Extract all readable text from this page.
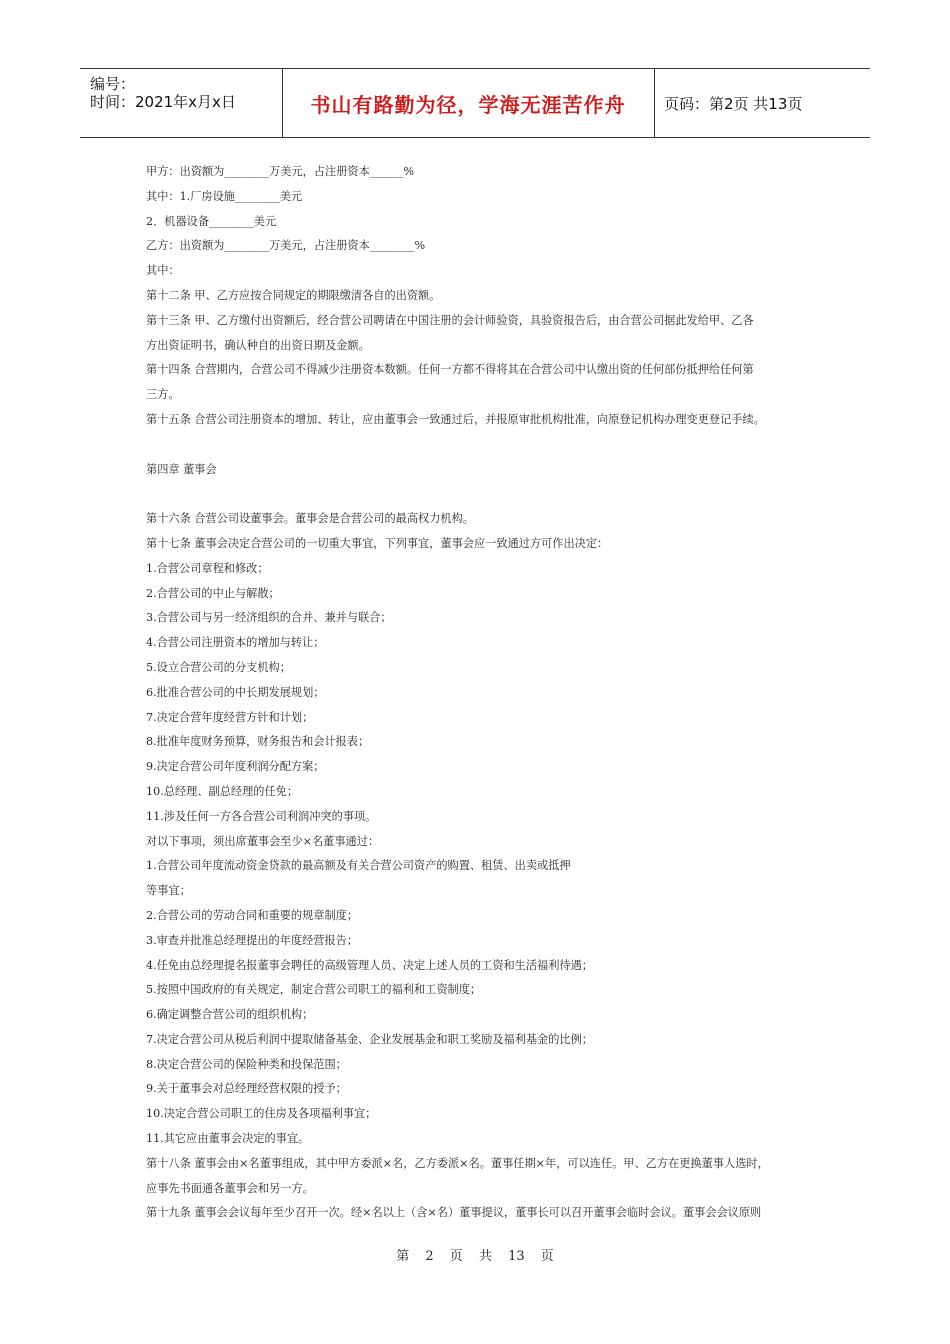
编号：
时间：2021年x月x日	书山有路勤为径，学海无涯苦作舟	页码：第2页 共13页
甲方：出资额为________万美元，占注册资本______%
其中：1.厂房设施________美元
2．机器设备________美元
乙方：出资额为________万美元，占注册资本________%
其中：
第十二条 甲、乙方应按合同规定的期限缴清各自的出资额。
第十三条 甲、乙方缴付出资额后，经合营公司聘请在中国注册的会计师验资，具验资报告后，由合营公司据此发给甲、乙各
方出资证明书，确认种自的出资日期及金额。
第十四条 合营期内，合营公司不得减少注册资本数额。任何一方都不得将其在合营公司中认缴出资的任何部份抵押给任何第
三方。
第十五条 合营公司注册资本的增加、转让，应由董事会一致通过后，并报原审批机构批准，向原登记机构办理变更登记手续。
第四章 董事会
第十六条 合营公司设董事会。董事会是合营公司的最高权力机构。
第十七条 董事会决定合营公司的一切重大事宜，下列事宜，董事会应一致通过方可作出决定：
1.合营公司章程和修改；
2.合营公司的中止与解散；
3.合营公司与另一经济组织的合并、兼并与联合；
4.合营公司注册资本的增加与转让；
5.设立合营公司的分支机构；
6.批准合营公司的中长期发展规划；
7.决定合营年度经营方针和计划；
8.批准年度财务预算，财务报告和会计报表；
9.决定合营公司年度利润分配方案；
10.总经理、副总经理的任免；
11.涉及任何一方各合营公司利润冲突的事项。
对以下事项，须出席董事会至少×名董事通过：
1.合营公司年度流动资金贷款的最高额及有关合营公司资产的购置、租赁、出卖或抵押
等事宜；
2.合营公司的劳动合同和重要的规章制度；
3.审查并批准总经理提出的年度经营报告；
4.任免由总经理提名报董事会聘任的高级管理人员、决定上述人员的工资和生活福利待遇；
5.按照中国政府的有关规定，制定合营公司职工的福利和工资制度；
6.确定调整合营公司的组织机构；
7.决定合营公司从税后利润中提取储备基金、企业发展基金和职工奖励及福利基金的比例；
8.决定合营公司的保险种类和投保范围；
9.关于董事会对总经理经营权限的授予；
10.决定合营公司职工的住房及各项福利事宜；
11.其它应由董事会决定的事宜。
第十八条 董事会由×名董事组成，其中甲方委派×名，乙方委派×名。董事任期×年，可以连任。甲、乙方在更换董事人选时，
应事先书面通各董事会和另一方。
第十九条 董事会会议每年至少召开一次。经×名以上（含×名）董事提议，董事长可以召开董事会临时会议。董事会会议原则
第 2 页 共 13 页
